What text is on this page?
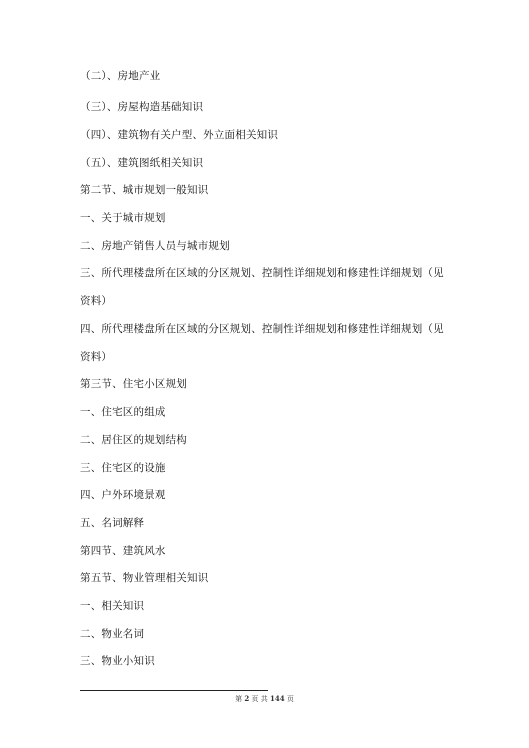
（二）、房地产业
（三）、房屋构造基础知识
（四）、建筑物有关户型、外立面相关知识
（五）、建筑图纸相关知识
第二节、城市规划一般知识
一、关于城市规划
二、房地产销售人员与城市规划
三、所代理楼盘所在区域的分区规划、控制性详细规划和修建性详细规划（见
资料）
四、所代理楼盘所在区域的分区规划、控制性详细规划和修建性详细规划（见
资料）
第三节、住宅小区规划
一、住宅区的组成
二、居住区的规划结构
三、住宅区的设施
四、户外环境景观
五、名词解释
第四节、建筑风水
第五节、物业管理相关知识
一、相关知识
二、物业名词
三、物业小知识
第 2 页 共 144 页
